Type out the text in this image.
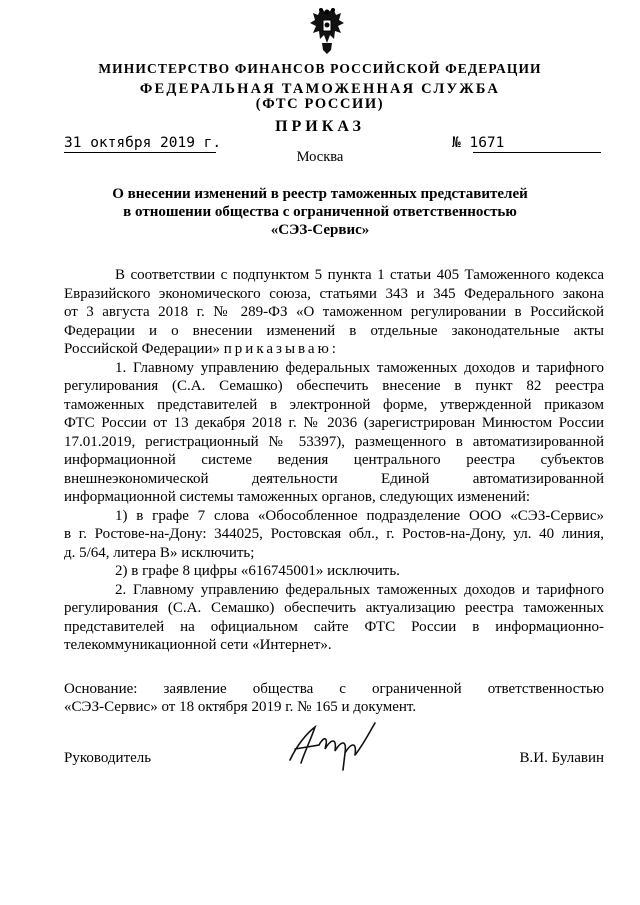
МИНИСТЕРСТВО ФИНАНСОВ РОССИЙСКОЙ ФЕДЕРАЦИИ
ФЕДЕРАЛЬНАЯ ТАМОЖЕННАЯ СЛУЖБА
(ФТС РОССИИ)
ПРИКАЗ
31 октября 2019 г.	№ 1671
Москва
О внесении изменений в реестр таможенных представителей
в отношении общества с ограниченной ответственностью
«СЭЗ-Сервис»
В соответствии с подпунктом 5 пункта 1 статьи 405 Таможенного кодекса
Евразийского экономического союза, статьями 343 и 345 Федерального закона
от 3 августа 2018 г. № 289-ФЗ «О таможенном регулировании в Российской
Федерации и о внесении изменений в отдельные законодательные акты
Российской Федерации» приказываю:
1. Главному управлению федеральных таможенных доходов и тарифного
регулирования (С.А. Семашко) обеспечить внесение в пункт 82 реестра
таможенных представителей в электронной форме, утвержденной приказом
ФТС России от 13 декабря 2018 г. № 2036 (зарегистрирован Минюстом России
17.01.2019, регистрационный № 53397), размещенного в автоматизированной
информационной системе ведения центрального реестра субъектов
внешнеэкономической деятельности Единой автоматизированной
информационной системы таможенных органов, следующих изменений:
1) в графе 7 слова «Обособленное подразделение ООО «СЭЗ-Сервис»
в г. Ростове-на-Дону: 344025, Ростовская обл., г. Ростов-на-Дону, ул. 40 линия,
д. 5/64, литера В» исключить;
2) в графе 8 цифры «616745001» исключить.
2. Главному управлению федеральных таможенных доходов и тарифного
регулирования (С.А. Семашко) обеспечить актуализацию реестра таможенных
представителей на официальном сайте ФТС России в информационно-
телекоммуникационной сети «Интернет».
Основание: заявление общества с ограниченной ответственностью
«СЭЗ-Сервис» от 18 октября 2019 г. № 165 и документ.
Руководитель	В.И. Булавин
